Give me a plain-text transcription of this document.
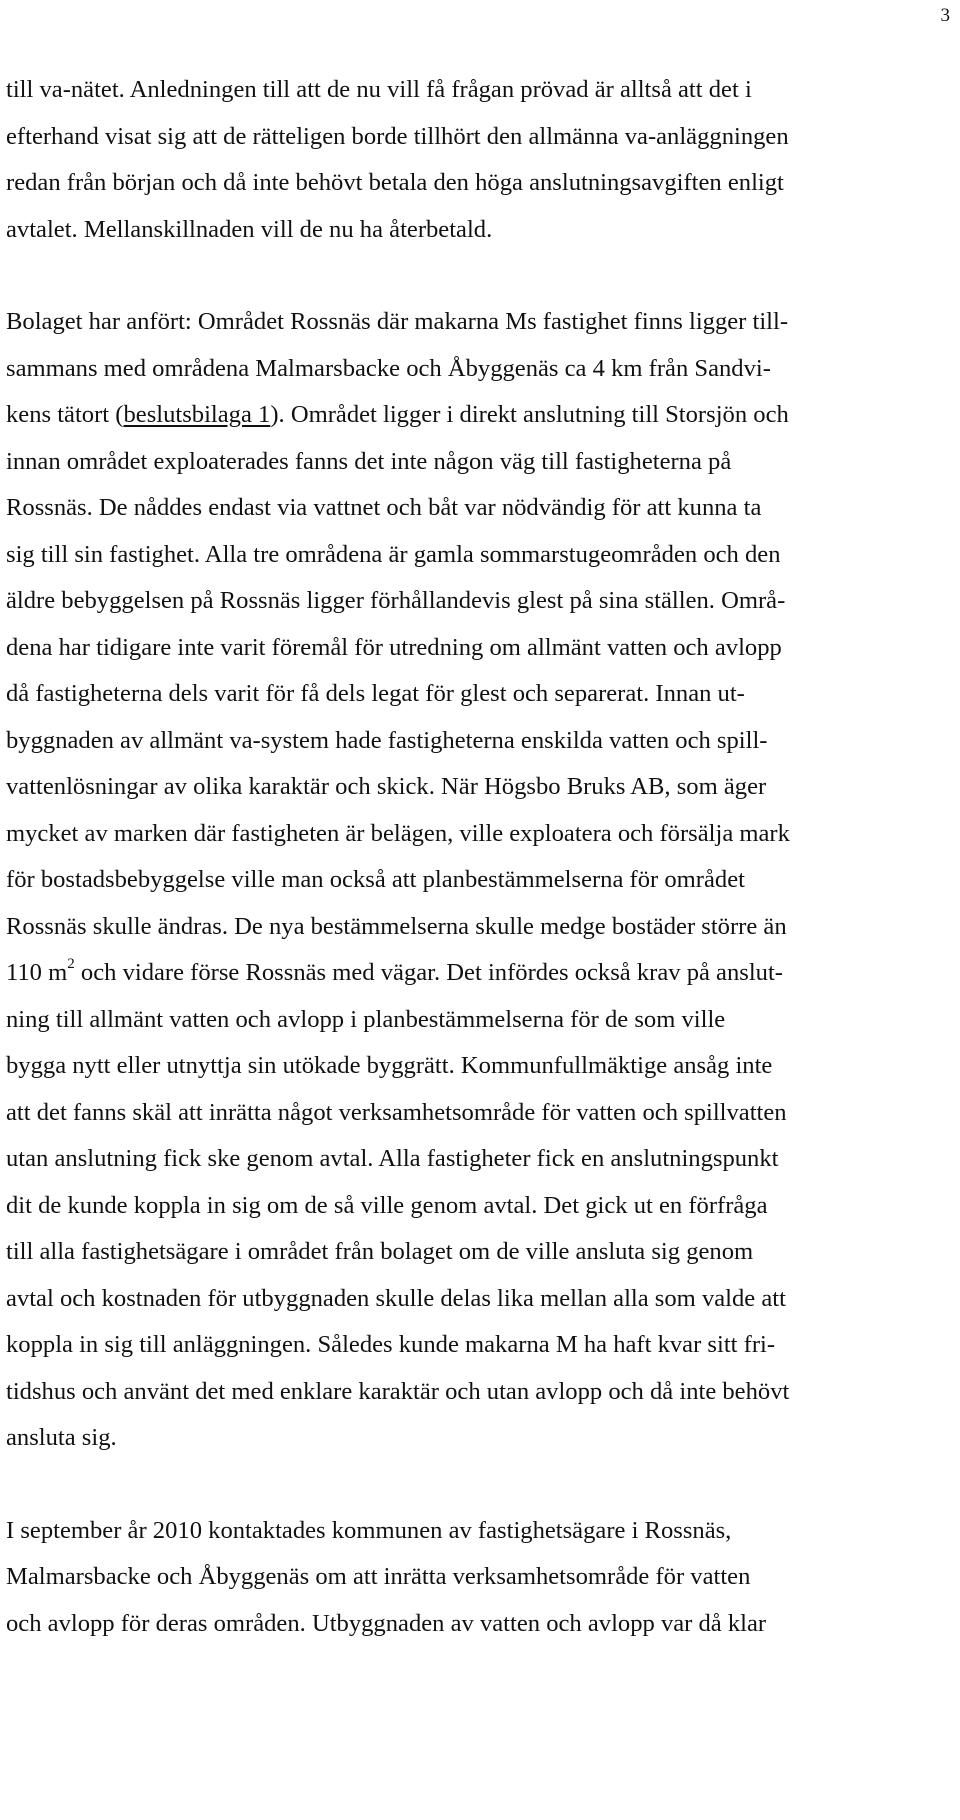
3
till va-nätet. Anledningen till att de nu vill få frågan prövad är alltså att det i
efterhand visat sig att de rätteligen borde tillhört den allmänna va-anläggningen
redan från början och då inte behövt betala den höga anslutningsavgiften enligt
avtalet. Mellanskillnaden vill de nu ha återbetald.
Bolaget har anfört: Området Rossnäs där makarna Ms fastighet finns ligger till-
sammans med områdena Malmarsbacke och Åbyggenäs ca 4 km från Sandvi-
kens tätort (beslutsbilaga 1). Området ligger i direkt anslutning till Storsjön och
innan området exploaterades fanns det inte någon väg till fastigheterna på
Rossnäs. De nåddes endast via vattnet och båt var nödvändig för att kunna ta
sig till sin fastighet. Alla tre områdena är gamla sommarstugeområden och den
äldre bebyggelsen på Rossnäs ligger förhållandevis glest på sina ställen. Områ-
dena har tidigare inte varit föremål för utredning om allmänt vatten och avlopp
då fastigheterna dels varit för få dels legat för glest och separerat. Innan ut-
byggnaden av allmänt va-system hade fastigheterna enskilda vatten och spill-
vattenlösningar av olika karaktär och skick. När Högsbo Bruks AB, som äger
mycket av marken där fastigheten är belägen, ville exploatera och försälja mark
för bostadsbebyggelse ville man också att planbestämmelserna för området
Rossnäs skulle ändras. De nya bestämmelserna skulle medge bostäder större än
110 $m^2$ och vidare förse Rossnäs med vägar. Det infördes också krav på anslut-
ning till allmänt vatten och avlopp i planbestämmelserna för de som ville
bygga nytt eller utnyttja sin utökade byggrätt. Kommunfullmäktige ansåg inte
att det fanns skäl att inrätta något verksamhetsområde för vatten och spillvatten
utan anslutning fick ske genom avtal. Alla fastigheter fick en anslutningspunkt
dit de kunde koppla in sig om de så ville genom avtal. Det gick ut en förfråga
till alla fastighetsägare i området från bolaget om de ville ansluta sig genom
avtal och kostnaden för utbyggnaden skulle delas lika mellan alla som valde att
koppla in sig till anläggningen. Således kunde makarna M ha haft kvar sitt fri-
tidshus och använt det med enklare karaktär och utan avlopp och då inte behövt
ansluta sig.
I september år 2010 kontaktades kommunen av fastighetsägare i Rossnäs,
Malmarsbacke och Åbyggenäs om att inrätta verksamhetsområde för vatten
och avlopp för deras områden. Utbyggnaden av vatten och avlopp var då klar
